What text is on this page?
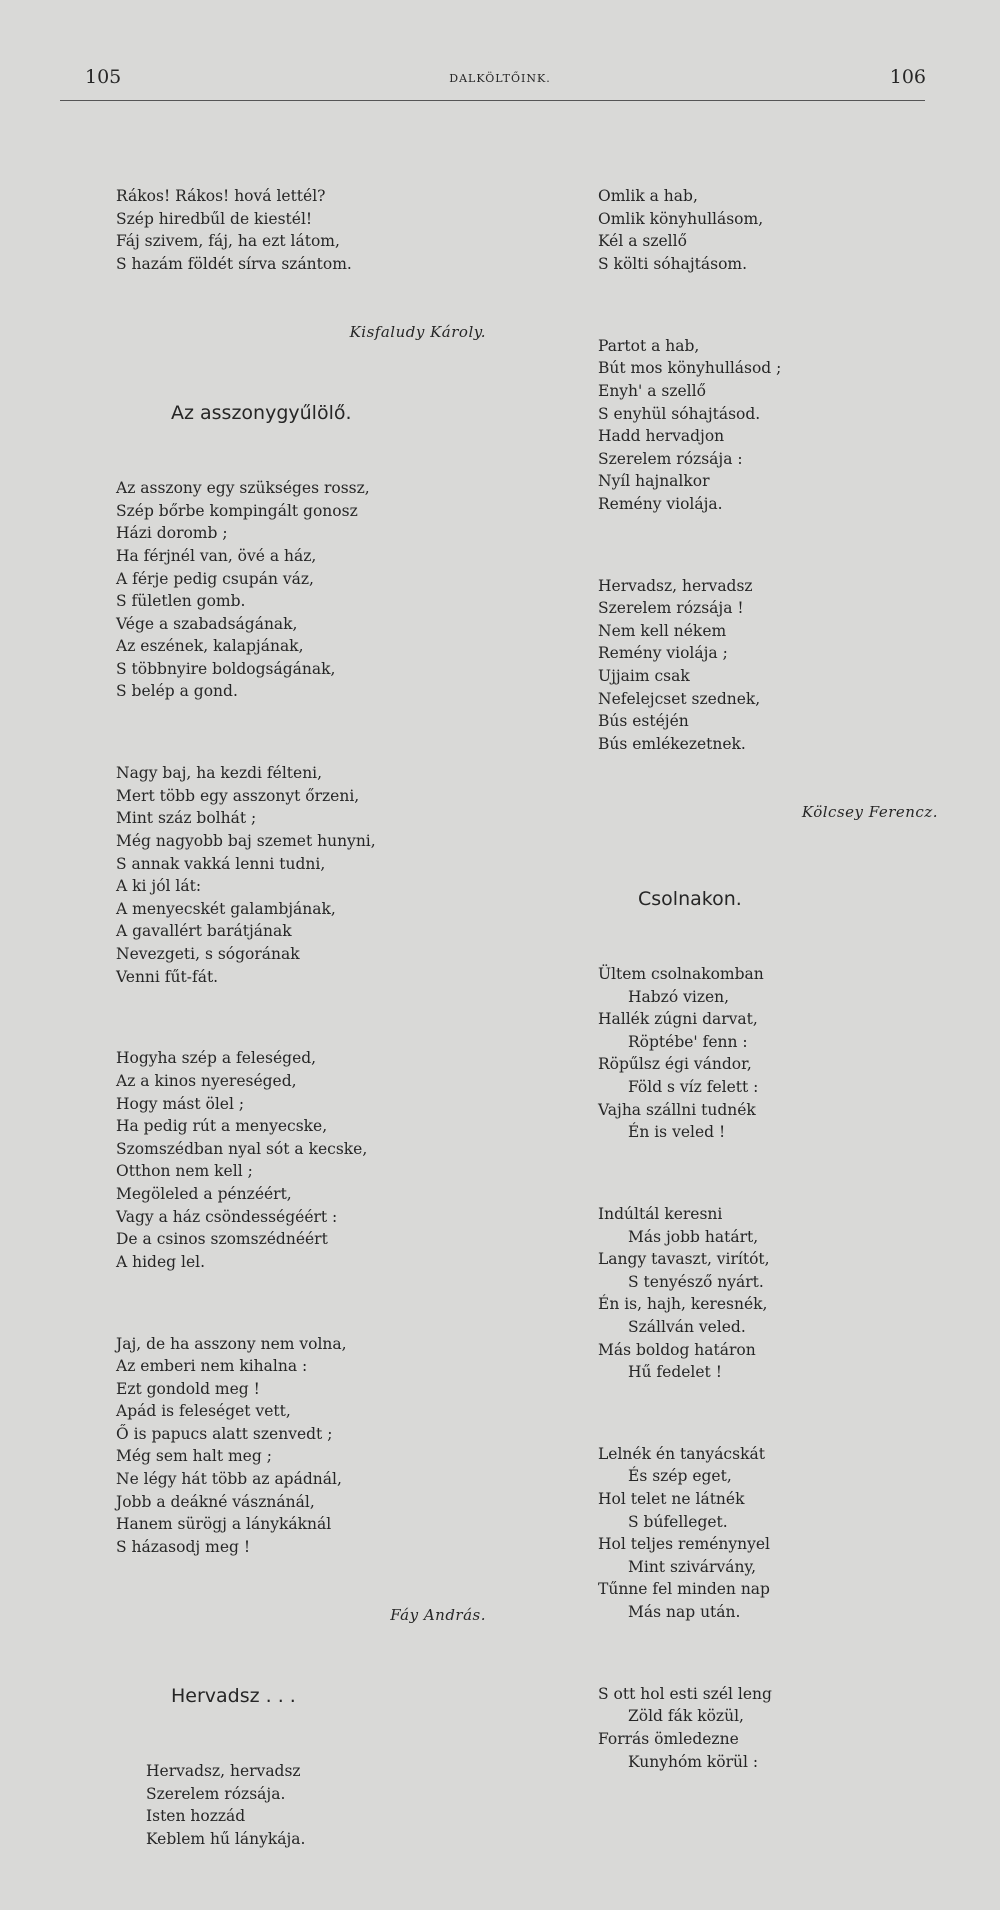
105	DALKÖLTŐINK.	106

Rákos! Rákos! hová lettél?
Szép hiredbűl de kiestél!
Fáj szivem, fáj, ha ezt látom,
S hazám földét sírva szántom.

Kisfaludy Károly.

Az asszonygyűlölő.

Az asszony egy szükséges rossz,
Szép bőrbe kompingált gonosz
Házi doromb ;
Ha férjnél van, övé a ház,
A férje pedig csupán váz,
S fületlen gomb.
Vége a szabadságának,
Az eszének, kalapjának,
S többnyire boldogságának,
S belép a gond.

Nagy baj, ha kezdi félteni,
Mert több egy asszonyt őrzeni,
Mint száz bolhát ;
Még nagyobb baj szemet hunyni,
S annak vakká lenni tudni,
A ki jól lát:
A menyecskét galambjának,
A gavallért barátjának
Nevezgeti, s sógorának
Venni fűt-fát.

Hogyha szép a feleséged,
Az a kinos nyereséged,
Hogy mást ölel ;
Ha pedig rút a menyecske,
Szomszédban nyal sót a kecske,
Otthon nem kell ;
Megöleled a pénzéért,
Vagy a ház csöndességéért :
De a csinos szomszédnéért
A hideg lel.

Jaj, de ha asszony nem volna,
Az emberi nem kihalna :
Ezt gondold meg !
Apád is feleséget vett,
Ő is papucs alatt szenvedt ;
Még sem halt meg ;
Ne légy hát több az apádnál,
Jobb a deákné vásznánál,
Hanem sürögj a lánykáknál
S házasodj meg !

Fáy András.

Hervadsz . . .

Hervadsz, hervadsz
Szerelem rózsája.
Isten hozzád
Keblem hű lánykája.

Omlik a hab,
Omlik könyhullásom,
Kél a szellő
S költi sóhajtásom.

Partot a hab,
Bút mos könyhullásod ;
Enyh' a szellő
S enyhül sóhajtásod.
Hadd hervadjon
Szerelem rózsája :
Nyíl hajnalkor
Remény violája.

Hervadsz, hervadsz
Szerelem rózsája !
Nem kell nékem
Remény violája ;
Ujjaim csak
Nefelejcset szednek,
Bús estéjén
Bús emlékezetnek.

Kölcsey Ferencz.

Csolnakon.

Ültem csolnakomban
Habzó vizen,
Hallék zúgni darvat,
Röptébe' fenn :
Röpűlsz égi vándor,
Föld s víz felett :
Vajha szállni tudnék
Én is veled !

Indúltál keresni
Más jobb határt,
Langy tavaszt, virítót,
S tenyésző nyárt.
Én is, hajh, keresnék,
Szállván veled.
Más boldog határon
Hű fedelet !

Lelnék én tanyácskát
És szép eget,
Hol telet ne látnék
S búfelleget.
Hol teljes reménynyel
Mint szivárvány,
Tűnne fel minden nap
Más nap után.

S ott hol esti szél leng
Zöld fák közül,
Forrás ömledezne
Kunyhóm körül :
